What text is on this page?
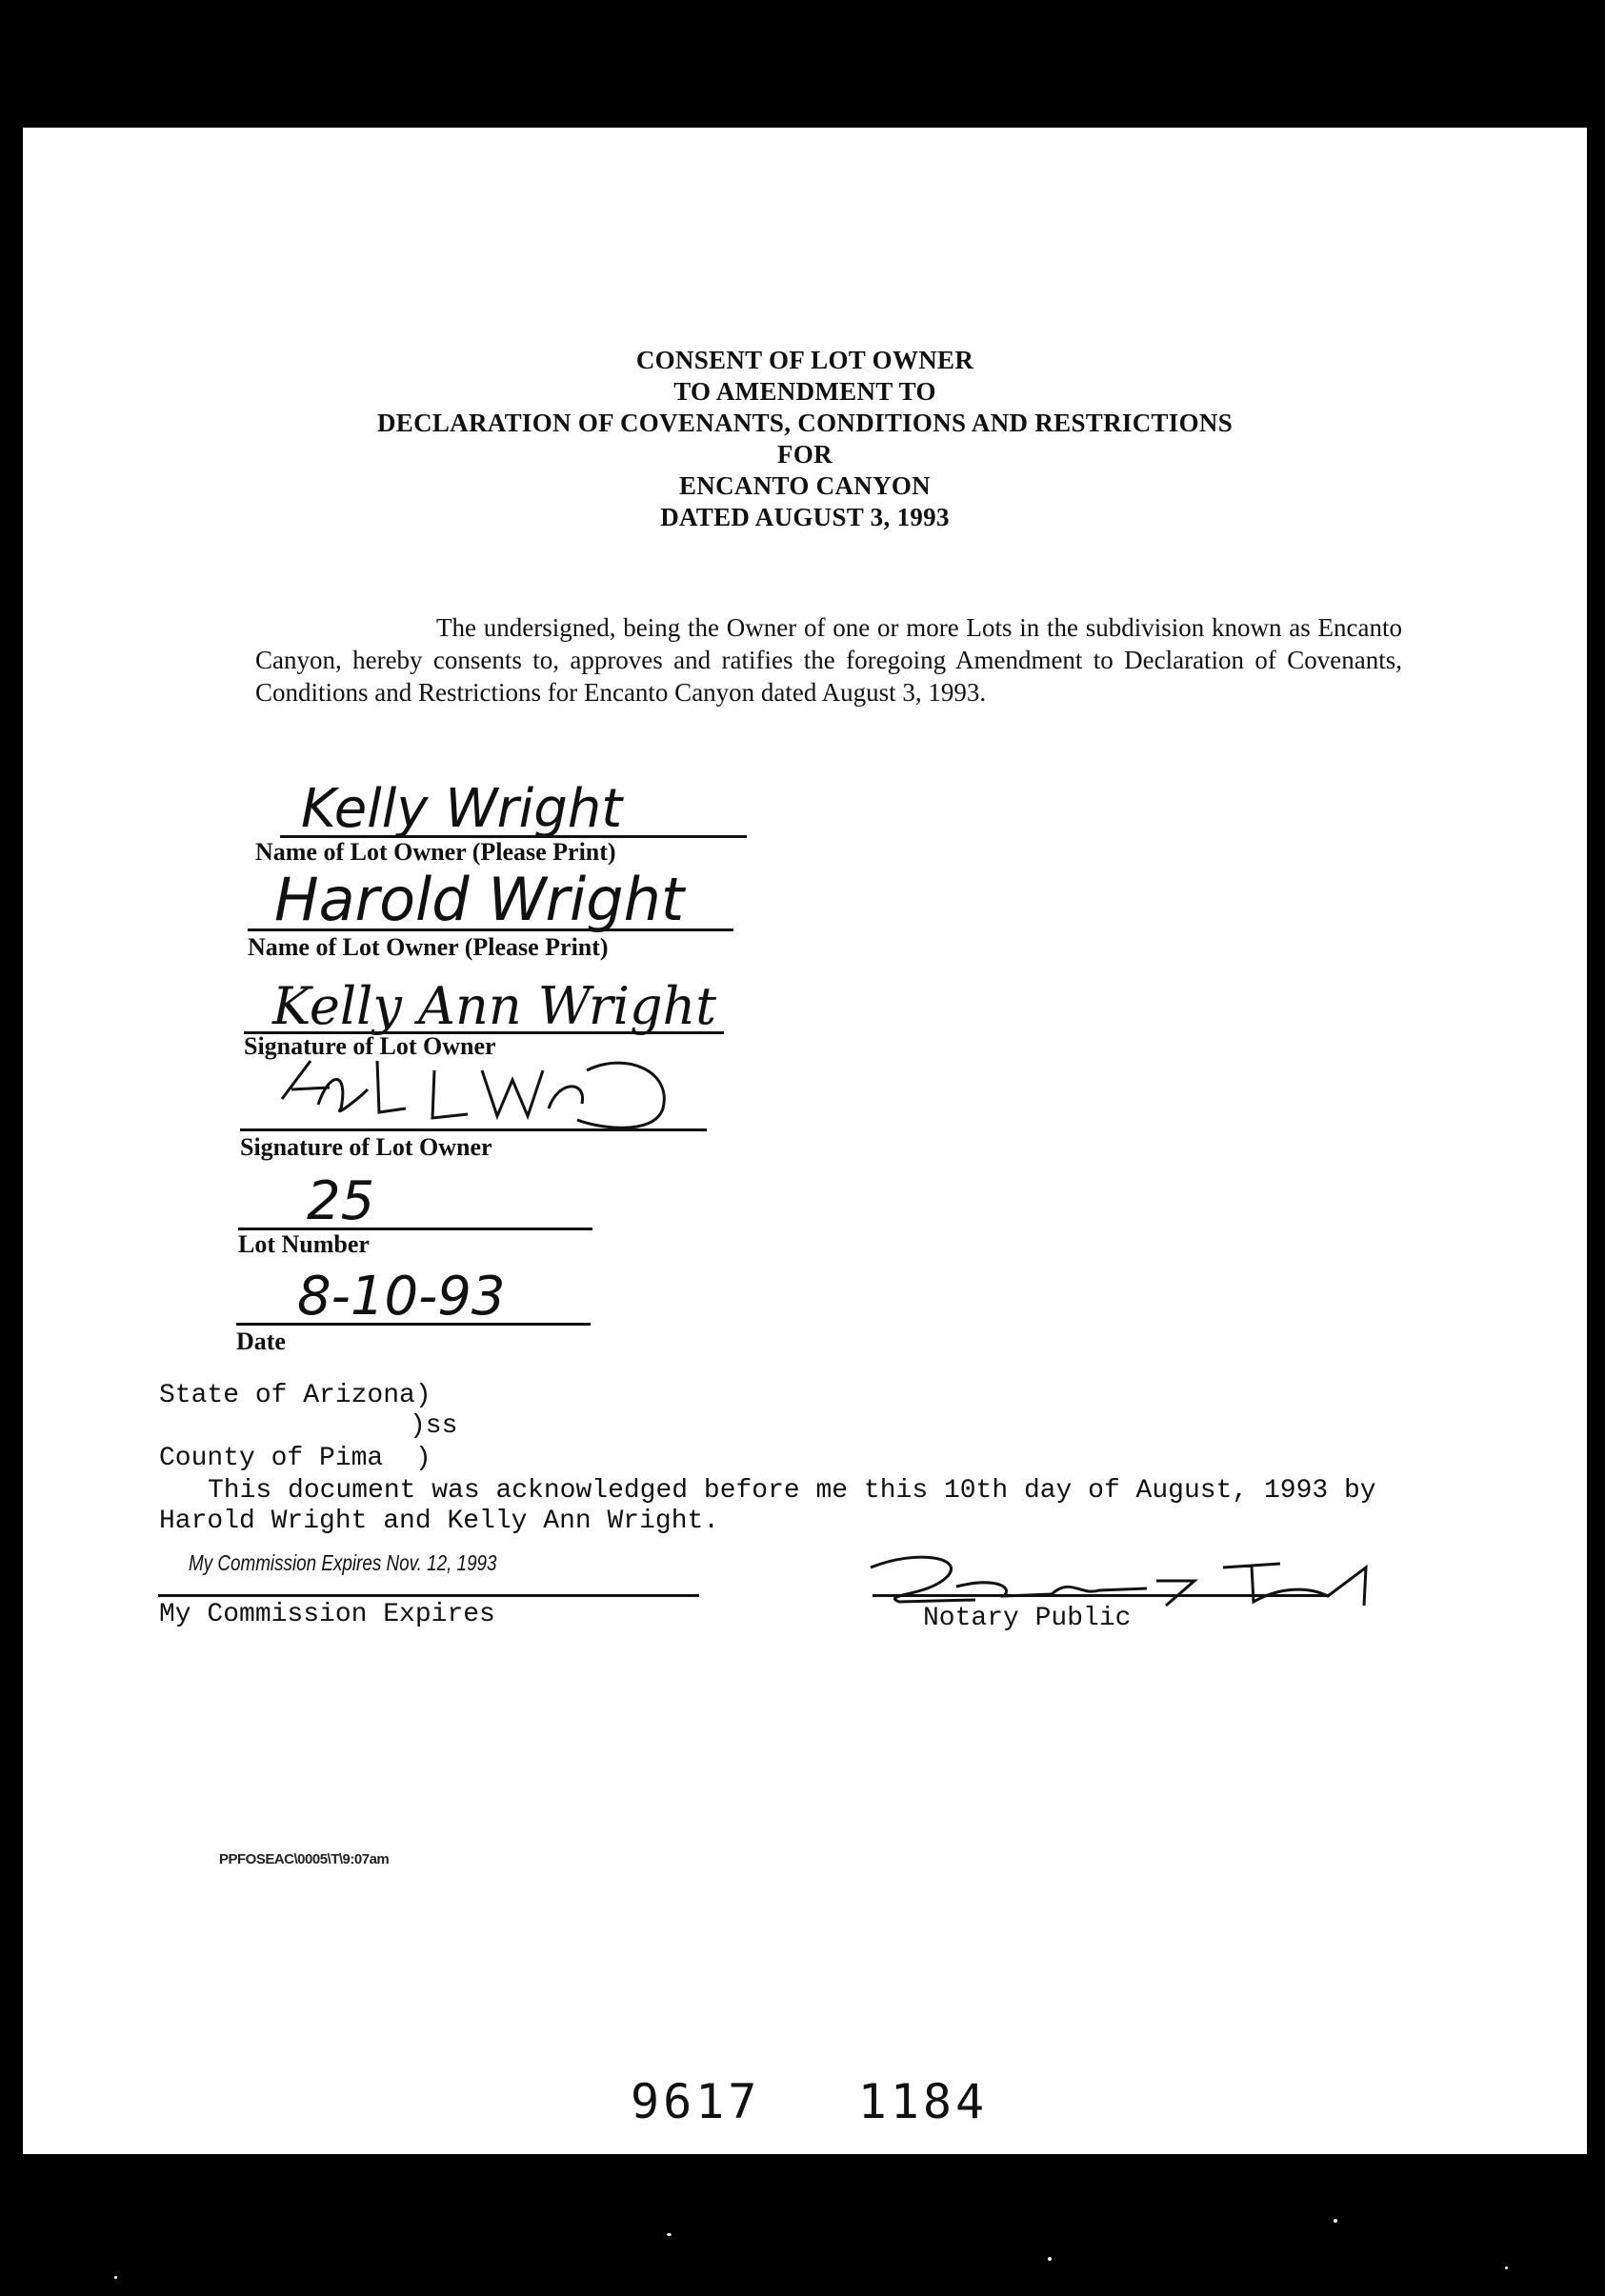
CONSENT OF LOT OWNER
TO AMENDMENT TO
DECLARATION OF COVENANTS, CONDITIONS AND RESTRICTIONS
FOR
ENCANTO CANYON
DATED AUGUST 3, 1993
The undersigned, being the Owner of one or more Lots in the subdivision known as Encanto Canyon, hereby consents to, approves and ratifies the foregoing Amendment to Declaration of Covenants, Conditions and Restrictions for Encanto Canyon dated August 3, 1993.
Kelly Wright
Name of Lot Owner (Please Print)
Harold Wright
Name of Lot Owner (Please Print)
Kelly Ann Wright
Signature of Lot Owner
Signature of Lot Owner
25
Lot Number
8-10-93
Date
State of Arizona)
)ss
County of Pima  )
This document was acknowledged before me this 10th day of August, 1993 by
Harold Wright and Kelly Ann Wright.
My Commission Expires Nov. 12, 1993
My Commission Expires	Notary Public
PPFOSEAC\0005\T\9:07am
9617   1184
